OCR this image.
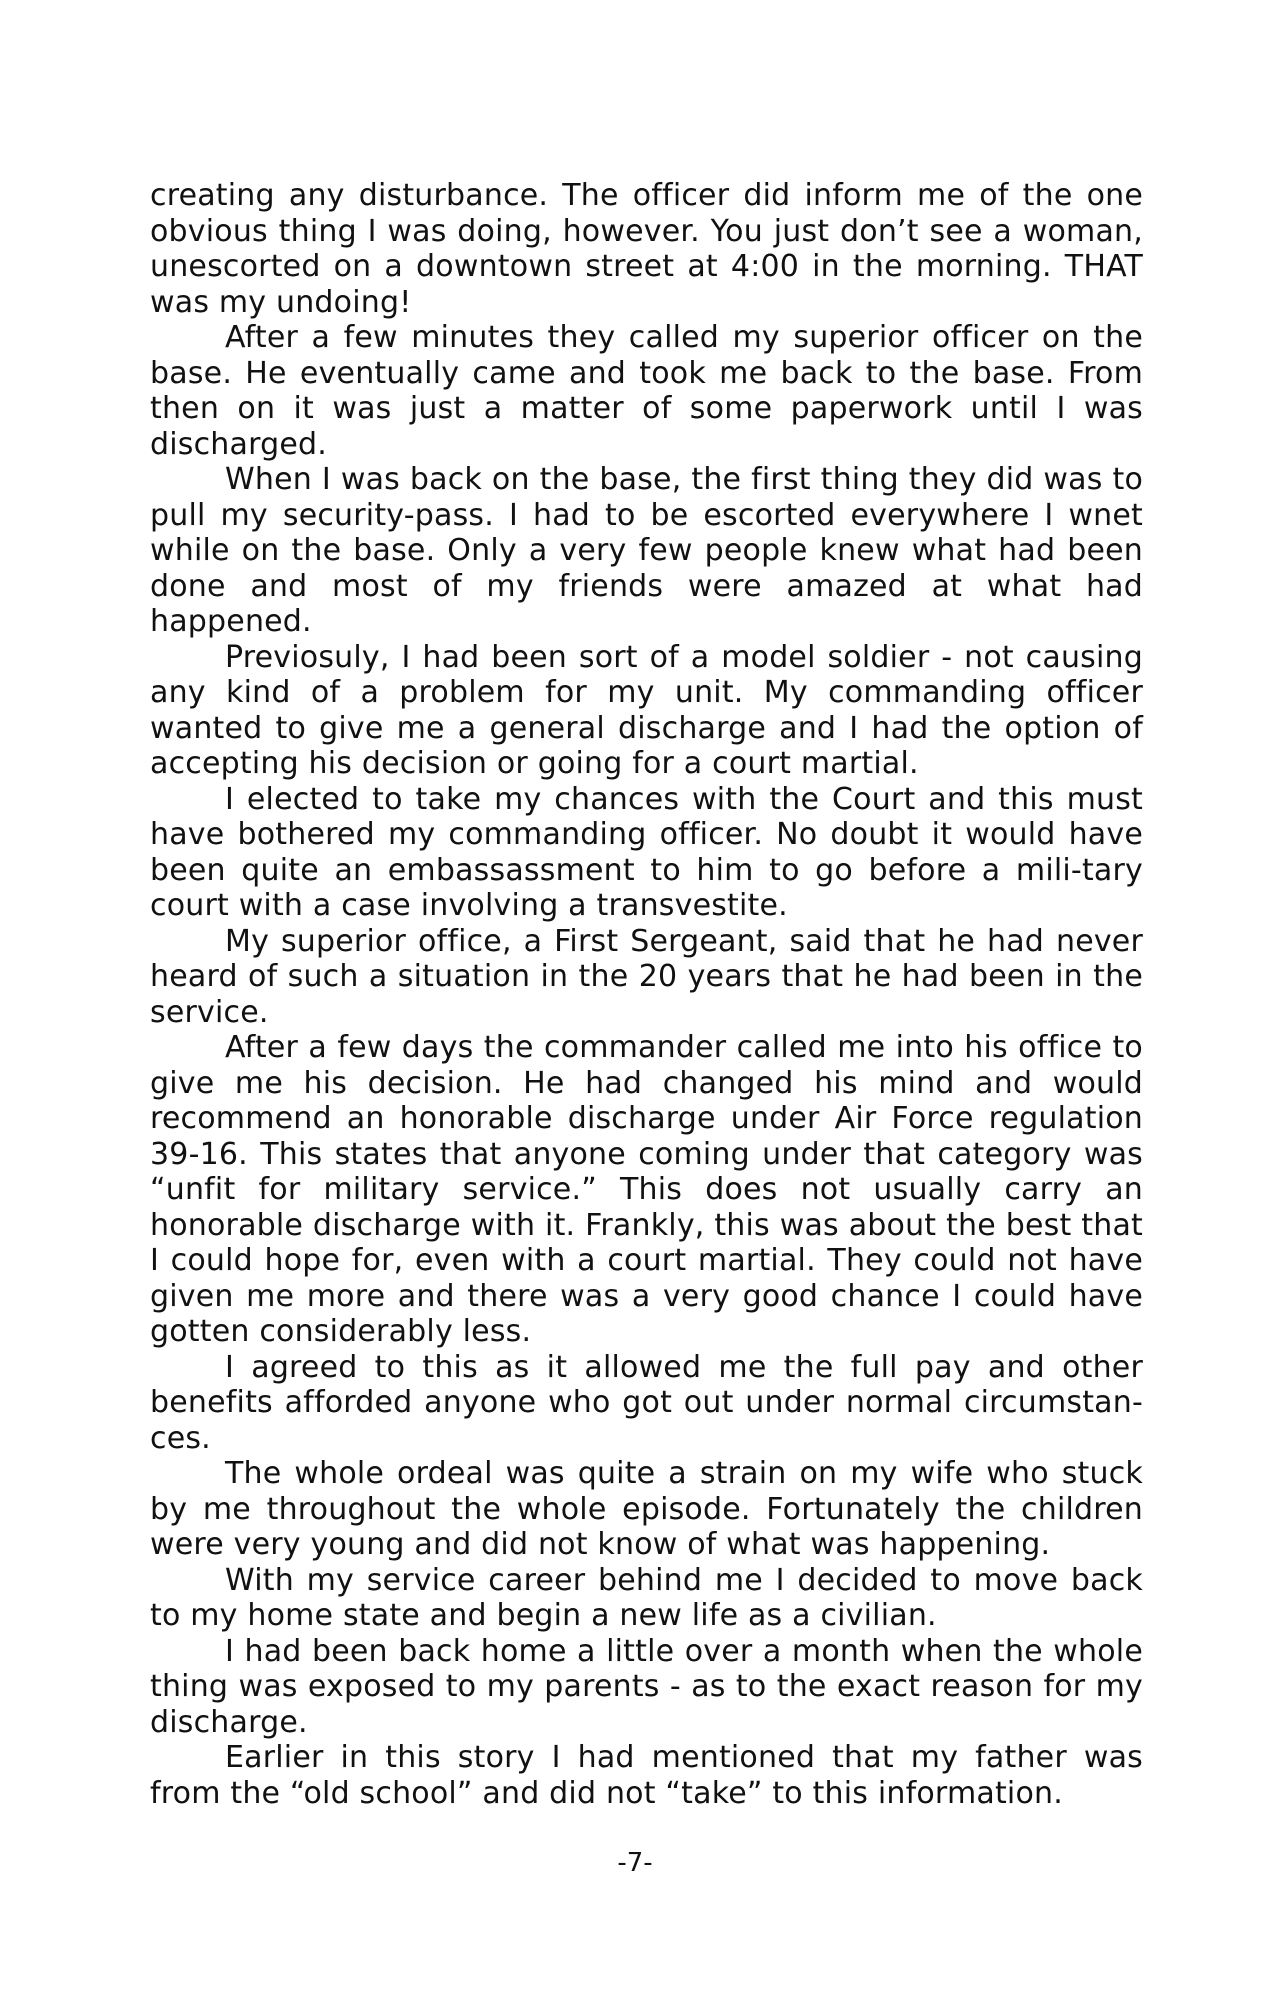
creating any disturbance. The officer did inform me of the one obvious thing I was doing, however. You just don’t see a woman, unescorted on a downtown street at 4:00 in the morning. THAT was my undoing!

After a few minutes they called my superior officer on the base. He eventually came and took me back to the base. From then on it was just a matter of some paperwork until I was discharged.

When I was back on the base, the first thing they did was to pull my security-pass. I had to be escorted everywhere I wnet while on the base. Only a very few people knew what had been done and most of my friends were amazed at what had happened.

Previosuly, I had been sort of a model soldier - not causing any kind of a problem for my unit. My commanding officer wanted to give me a general discharge and I had the option of accepting his decision or going for a court martial.

I elected to take my chances with the Court and this must have bothered my commanding officer. No doubt it would have been quite an embassassment to him to go before a mili-tary court with a case involving a transvestite.

My superior office, a First Sergeant, said that he had never heard of such a situation in the 20 years that he had been in the service.

After a few days the commander called me into his office to give me his decision. He had changed his mind and would recommend an honorable discharge under Air Force regulation 39-16. This states that anyone coming under that category was “unfit for military service.” This does not usually carry an honorable discharge with it. Frankly, this was about the best that I could hope for, even with a court martial. They could not have given me more and there was a very good chance I could have gotten considerably less.

I agreed to this as it allowed me the full pay and other benefits afforded anyone who got out under normal circumstan-ces.

The whole ordeal was quite a strain on my wife who stuck by me throughout the whole episode. Fortunately the children were very young and did not know of what was happening.

With my service career behind me I decided to move back to my home state and begin a new life as a civilian.

I had been back home a little over a month when the whole thing was exposed to my parents - as to the exact reason for my discharge.

Earlier in this story I had mentioned that my father was from the “old school” and did not “take” to this information.

-7-
